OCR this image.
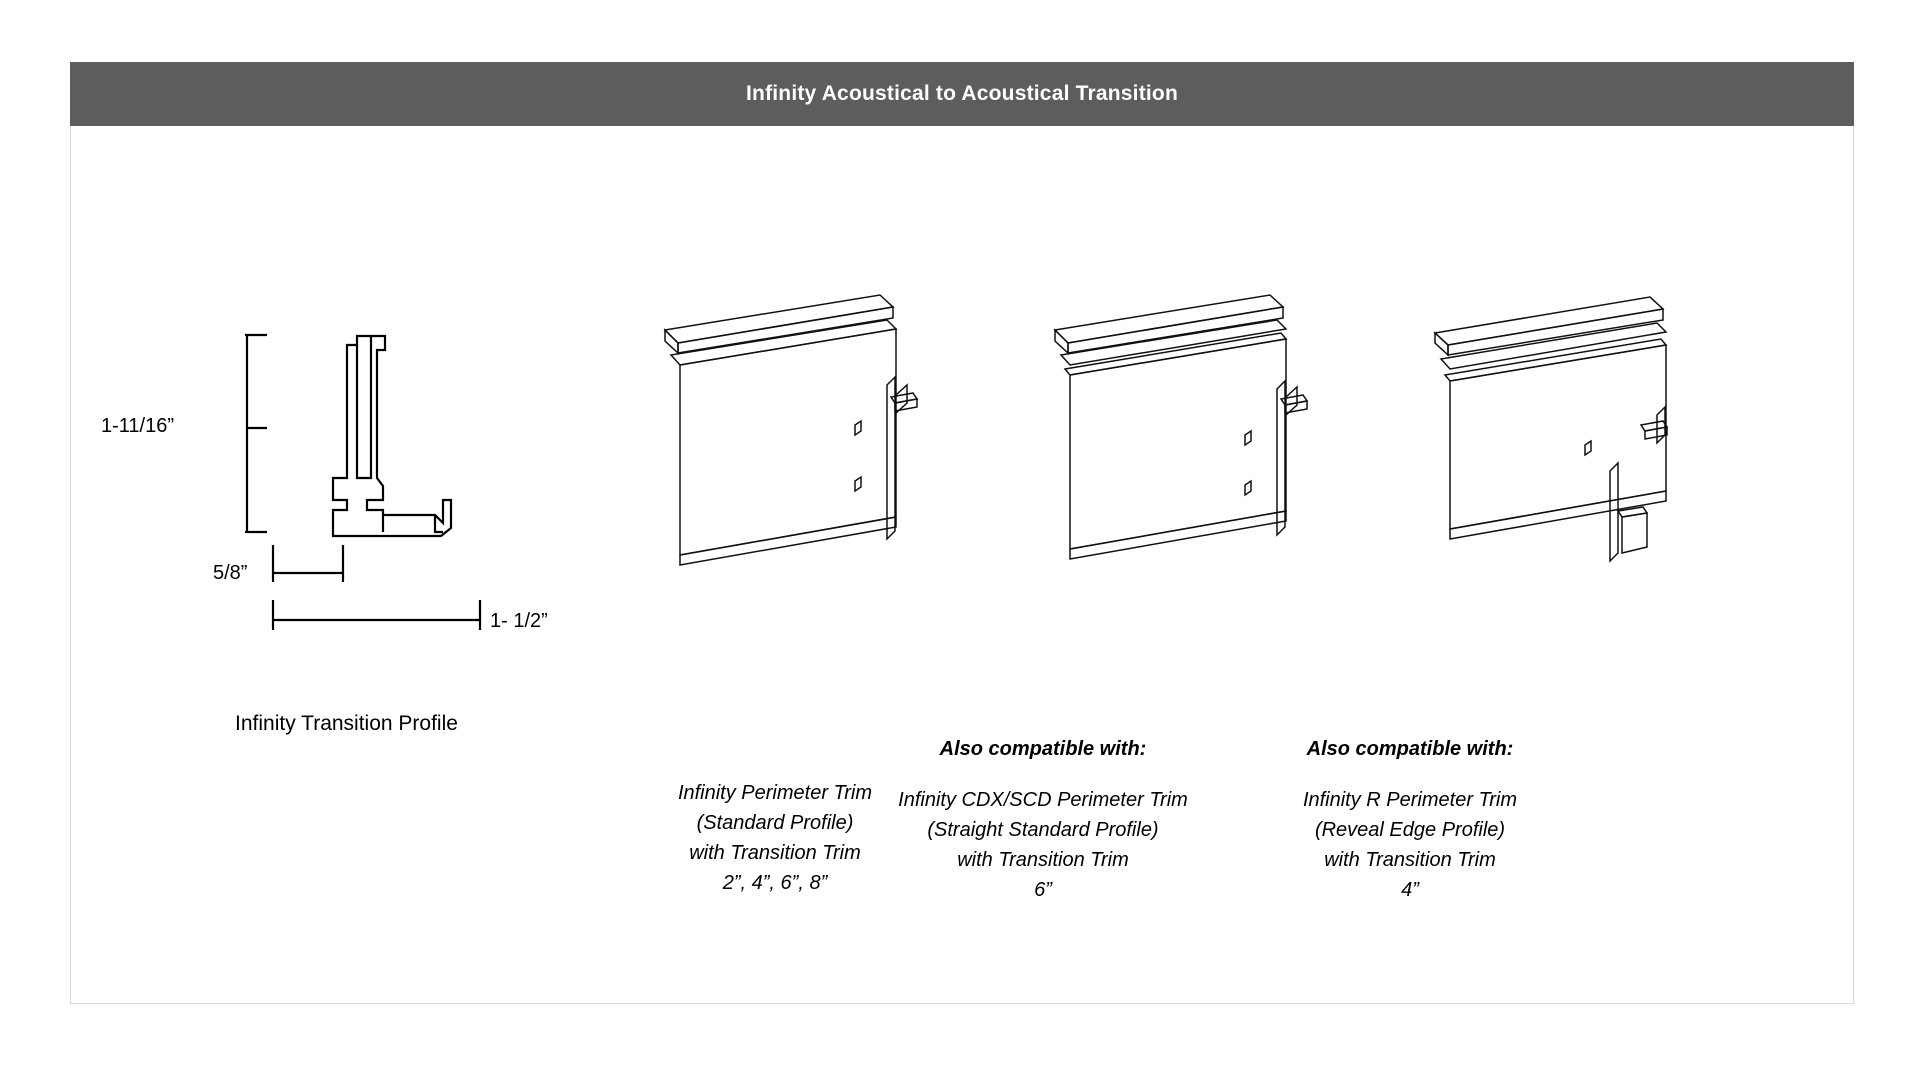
Infinity Acoustical to Acoustical Transition
1-11/16”
5/8”
1- 1/2”
Infinity Transition Profile
Infinity Perimeter Trim
(Standard Profile)
with Transition Trim
2”, 4”, 6”, 8”
Also compatible with:
Infinity CDX/SCD Perimeter Trim
(Straight Standard Profile)
with Transition Trim
6”
Also compatible with:
Infinity R Perimeter Trim
(Reveal Edge Profile)
with Transition Trim
4”
